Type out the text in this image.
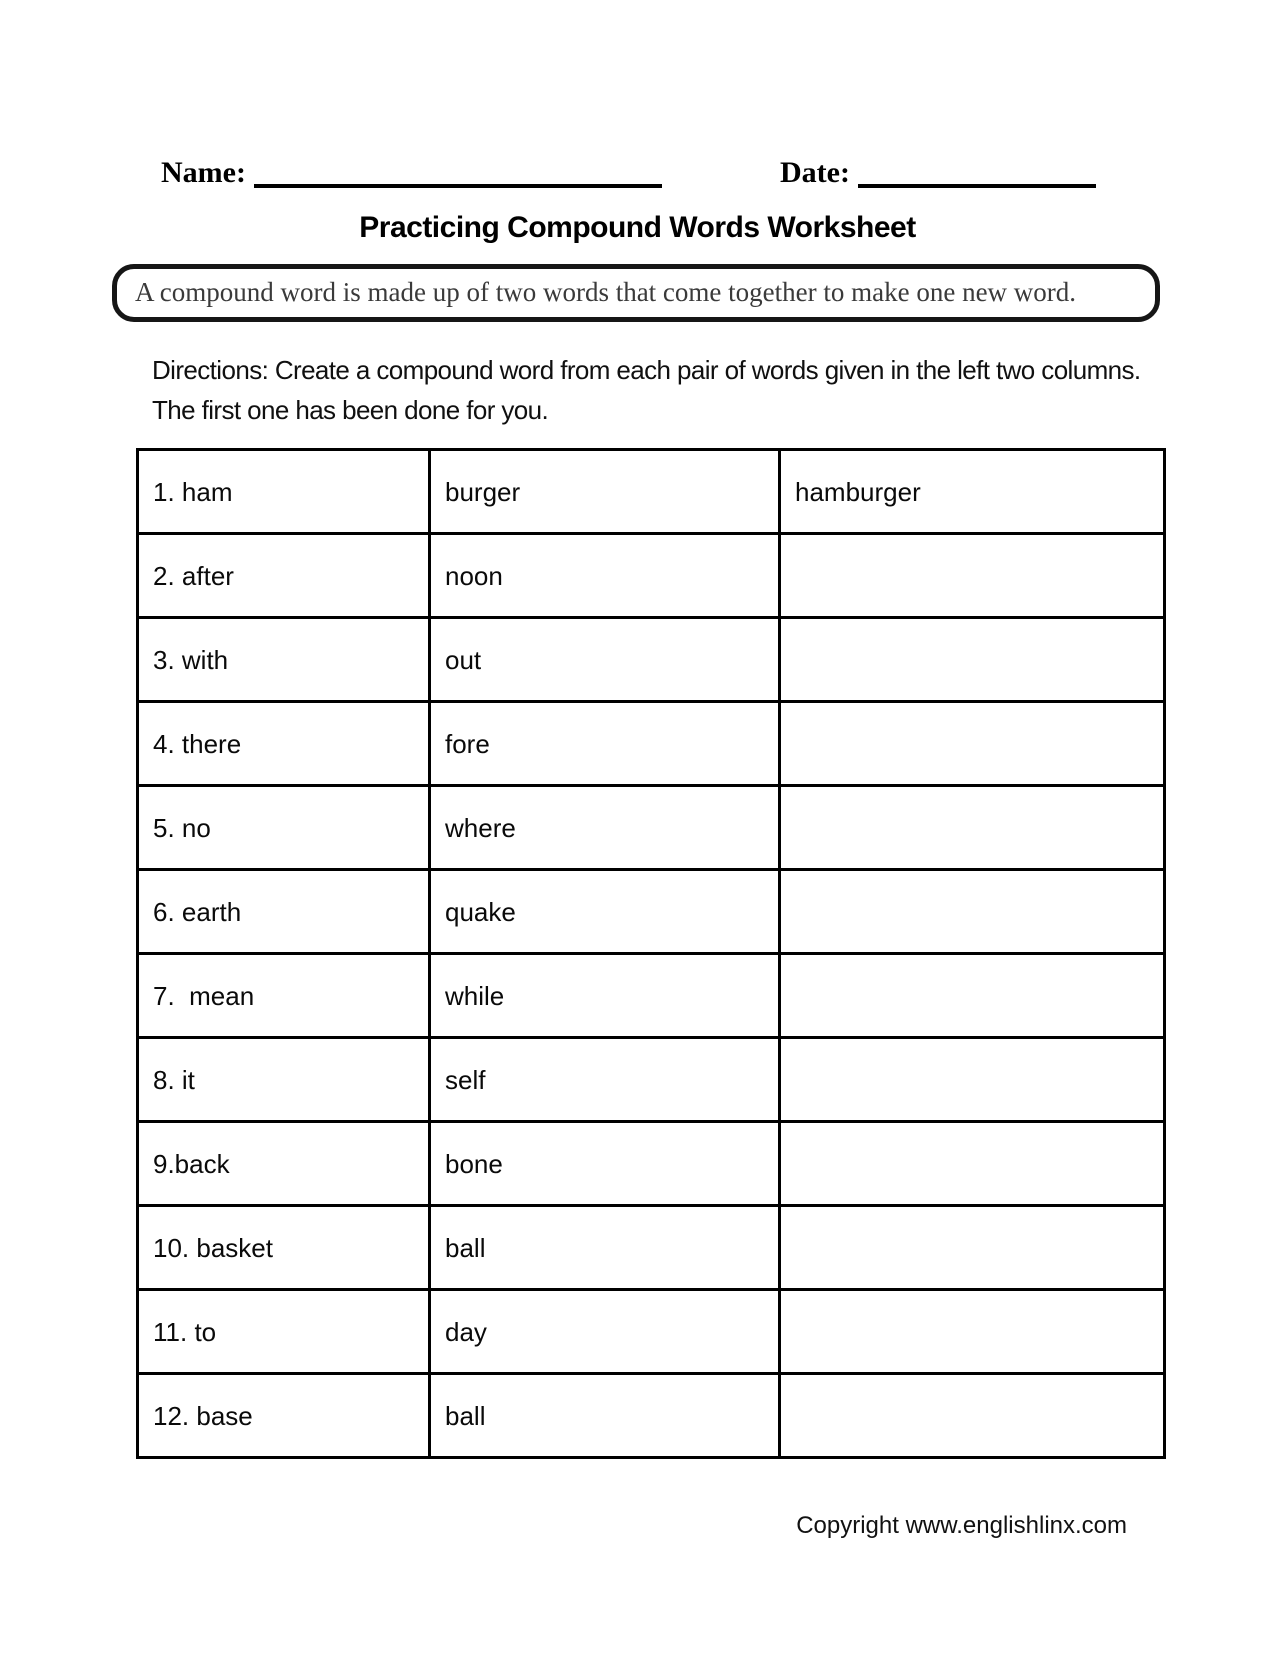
Name:	Date:
Practicing Compound Words Worksheet

A compound word is made up of two words that come together to make one new word.

Directions: Create a compound word from each pair of words given in the left two columns. The first one has been done for you.

1. ham	burger	hamburger
2. after	noon	
3. with	out	
4. there	fore	
5. no	where	
6. earth	quake	
7.  mean	while	
8. it	self	
9.back	bone	
10. basket	ball	
11. to	day	
12. base	ball	
Copyright www.englishlinx.com
